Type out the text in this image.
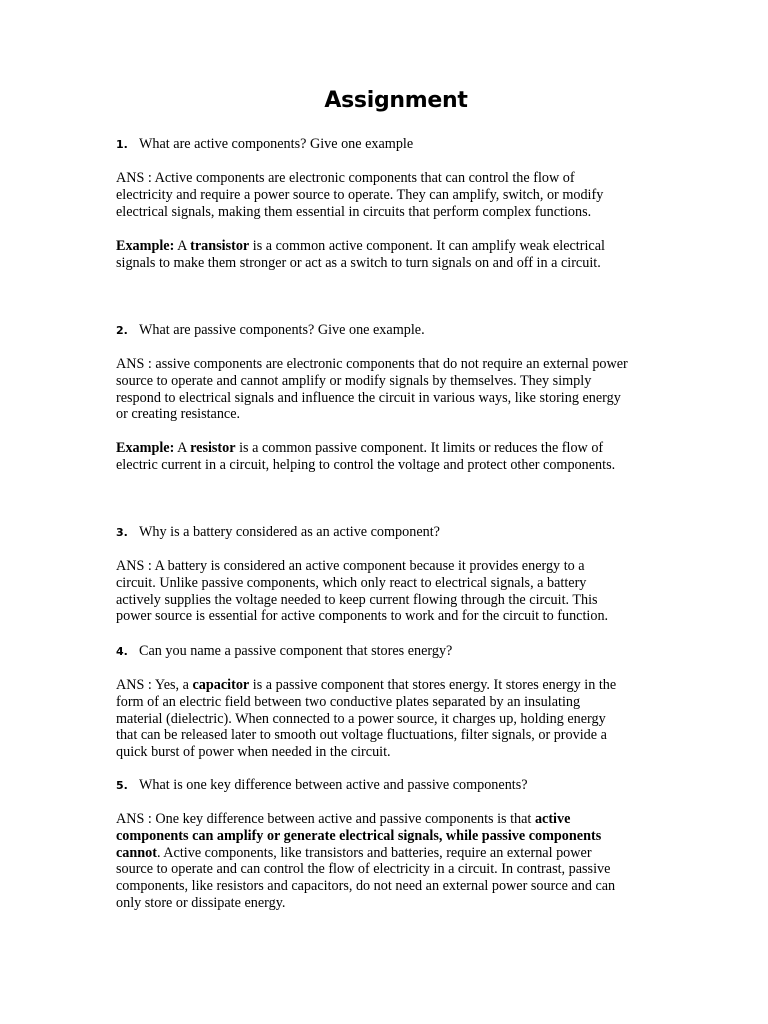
Assignment
1. What are active components? Give one example
ANS : Active components are electronic components that can control the flow of
electricity and require a power source to operate. They can amplify, switch, or modify
electrical signals, making them essential in circuits that perform complex functions.
Example: A transistor is a common active component. It can amplify weak electrical
signals to make them stronger or act as a switch to turn signals on and off in a circuit.
2. What are passive components? Give one example.
ANS : assive components are electronic components that do not require an external power
source to operate and cannot amplify or modify signals by themselves. They simply
respond to electrical signals and influence the circuit in various ways, like storing energy
or creating resistance.
Example: A resistor is a common passive component. It limits or reduces the flow of
electric current in a circuit, helping to control the voltage and protect other components.
3. Why is a battery considered as an active component?
ANS : A battery is considered an active component because it provides energy to a
circuit. Unlike passive components, which only react to electrical signals, a battery
actively supplies the voltage needed to keep current flowing through the circuit. This
power source is essential for active components to work and for the circuit to function.
4. Can you name a passive component that stores energy?
ANS : Yes, a capacitor is a passive component that stores energy. It stores energy in the
form of an electric field between two conductive plates separated by an insulating
material (dielectric). When connected to a power source, it charges up, holding energy
that can be released later to smooth out voltage fluctuations, filter signals, or provide a
quick burst of power when needed in the circuit.
5. What is one key difference between active and passive components?
ANS : One key difference between active and passive components is that active
components can amplify or generate electrical signals, while passive components
cannot. Active components, like transistors and batteries, require an external power
source to operate and can control the flow of electricity in a circuit. In contrast, passive
components, like resistors and capacitors, do not need an external power source and can
only store or dissipate energy.
